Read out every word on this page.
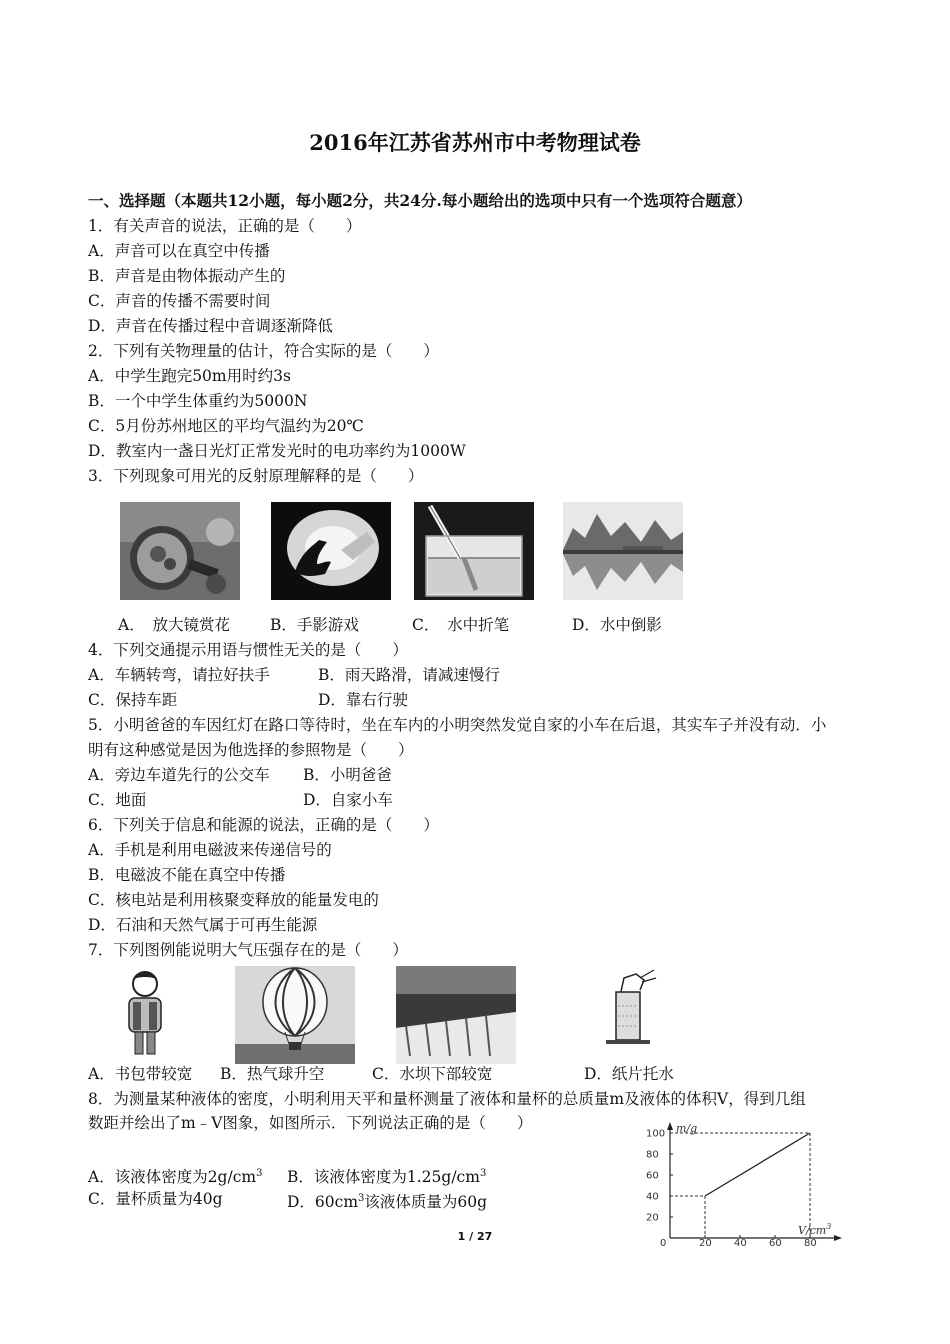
2016年江苏省苏州市中考物理试卷
一、选择题（本题共12小题，每小题2分，共24分.每小题给出的选项中只有一个选项符合题意）
1．有关声音的说法，正确的是（　　）
A．声音可以在真空中传播
B．声音是由物体振动产生的
C．声音的传播不需要时间
D．声音在传播过程中音调逐渐降低
2．下列有关物理量的估计，符合实际的是（　　）
A．中学生跑完50m用时约3s
B．一个中学生体重约为5000N
C．5月份苏州地区的平均气温约为20℃
D．教室内一盏日光灯正常发光时的电功率约为1000W
3．下列现象可用光的反射原理解释的是（　　）
A．　放大镜赏花	B．手影游戏	C．　水中折笔	D．水中倒影
4．下列交通提示用语与惯性无关的是（　　）
A．车辆转弯，请拉好扶手	B．雨天路滑，请减速慢行
C．保持车距	D．靠右行驶
5．小明爸爸的车因红灯在路口等待时，坐在车内的小明突然发觉自家的小车在后退，其实车子并没有动．小
明有这种感觉是因为他选择的参照物是（　　）
A．旁边车道先行的公交车 B．小明爸爸
C．地面	D．自家小车
6．下列关于信息和能源的说法，正确的是（　　）
A．手机是利用电磁波来传递信号的
B．电磁波不能在真空中传播
C．核电站是利用核聚变释放的能量发电的
D．石油和天然气属于可再生能源
7．下列图例能说明大气压强存在的是（　　）
A．书包带较宽 B．热气球升空	C．水坝下部较宽	D．纸片托水
8．为测量某种液体的密度，小明利用天平和量杯测量了液体和量杯的总质量m及液体的体积V，得到几组
数距并绘出了m﹣V图象，如图所示．下列说法正确的是（　　）
A．该液体密度为$2g/cm^3$ B．该液体密度为$1.25g/cm^3$
C．量杯质量为40g	D．$60cm^3$该液体质量为60g
m/g
$V/cm^3$
0
100
80
60
40
20
20 40 60 80
1 / 27
